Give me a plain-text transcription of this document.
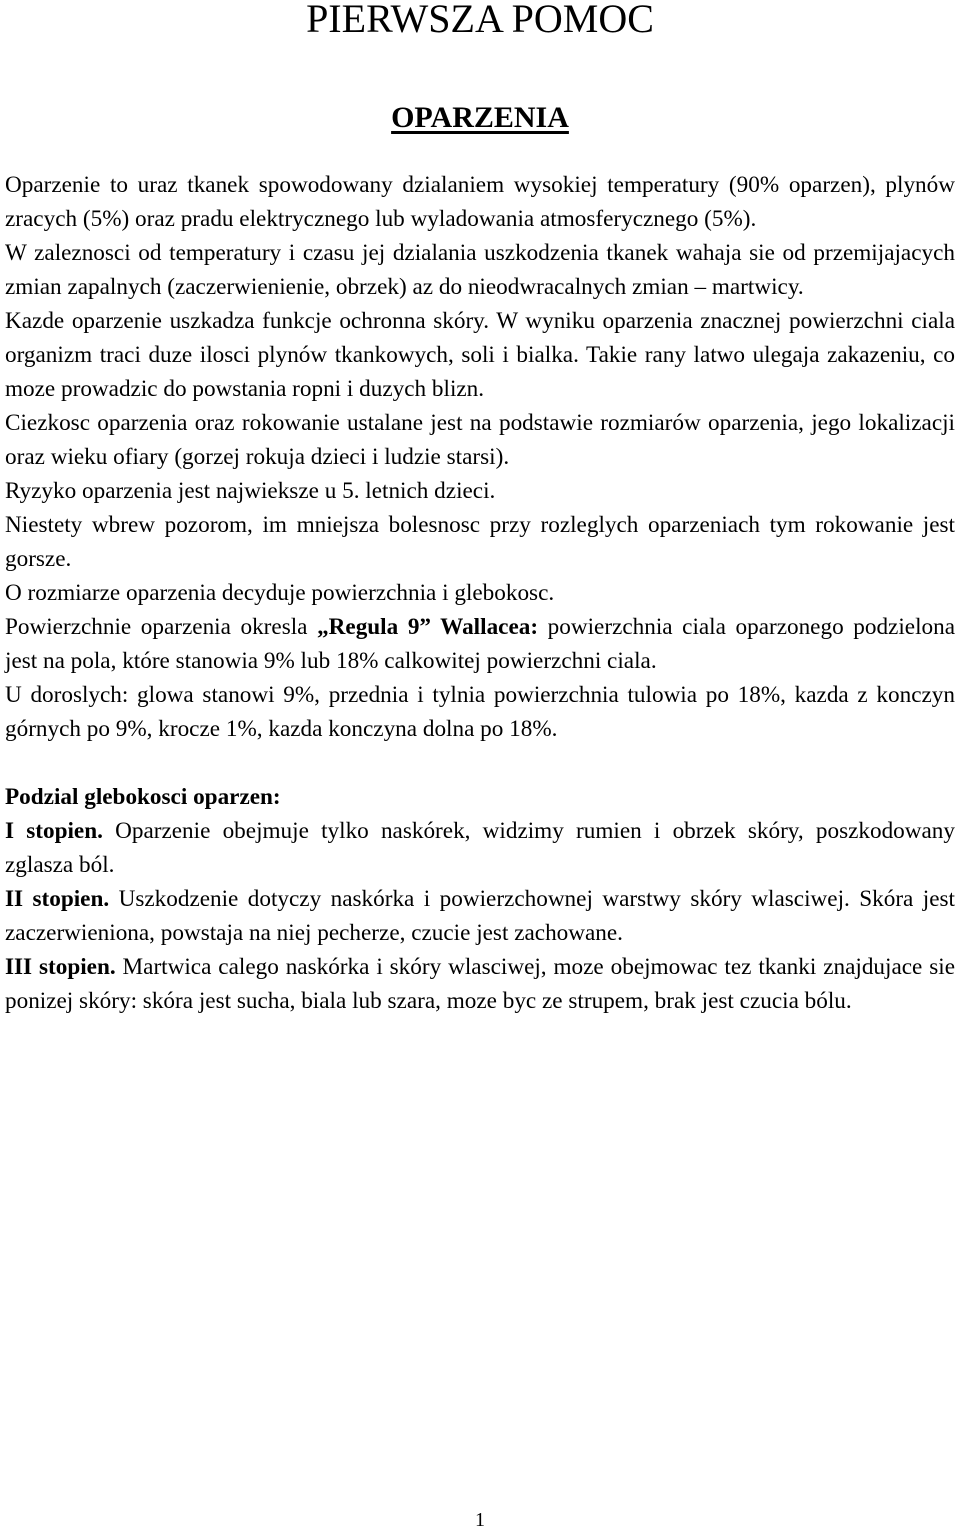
PIERWSZA POMOC
OPARZENIA

Oparzenie to uraz tkanek spowodowany dzialaniem wysokiej temperatury (90% oparzen), plynów zracych (5%) oraz pradu elektrycznego lub wyladowania atmosferycznego (5%).

W zaleznosci od temperatury i czasu jej dzialania uszkodzenia tkanek wahaja sie od przemijajacych zmian zapalnych (zaczerwienienie, obrzek) az do nieodwracalnych zmian – martwicy.

Kazde oparzenie uszkadza funkcje ochronna skóry. W wyniku oparzenia znacznej powierzchni ciala organizm traci duze ilosci plynów tkankowych, soli i bialka. Takie rany latwo ulegaja zakazeniu, co moze prowadzic do powstania ropni i duzych blizn.

Ciezkosc oparzenia oraz rokowanie ustalane jest na podstawie rozmiarów oparzenia, jego lokalizacji oraz wieku ofiary (gorzej rokuja dzieci i ludzie starsi).

Ryzyko oparzenia jest najwieksze u 5. letnich dzieci.

Niestety wbrew pozorom, im mniejsza bolesnosc przy rozleglych oparzeniach tym rokowanie jest gorsze.

O rozmiarze oparzenia decyduje powierzchnia i glebokosc.

Powierzchnie oparzenia okresla „Regula 9” Wallacea: powierzchnia ciala oparzonego podzielona jest na pola, które stanowia 9% lub 18% calkowitej powierzchni ciala.

U doroslych: glowa stanowi 9%, przednia i tylnia powierzchnia tulowia po 18%, kazda z konczyn górnych po 9%, krocze 1%, kazda konczyna dolna po 18%.

Podzial glebokosci oparzen:

I stopien. Oparzenie obejmuje tylko naskórek, widzimy rumien i obrzek skóry, poszkodowany zglasza ból.

II stopien. Uszkodzenie dotyczy naskórka i powierzchownej warstwy skóry wlasciwej. Skóra jest zaczerwieniona, powstaja na niej pecherze, czucie jest zachowane.

III stopien. Martwica calego naskórka i skóry wlasciwej, moze obejmowac tez tkanki znajdujace sie ponizej skóry: skóra jest sucha, biala lub szara, moze byc ze strupem, brak jest czucia bólu.

1
